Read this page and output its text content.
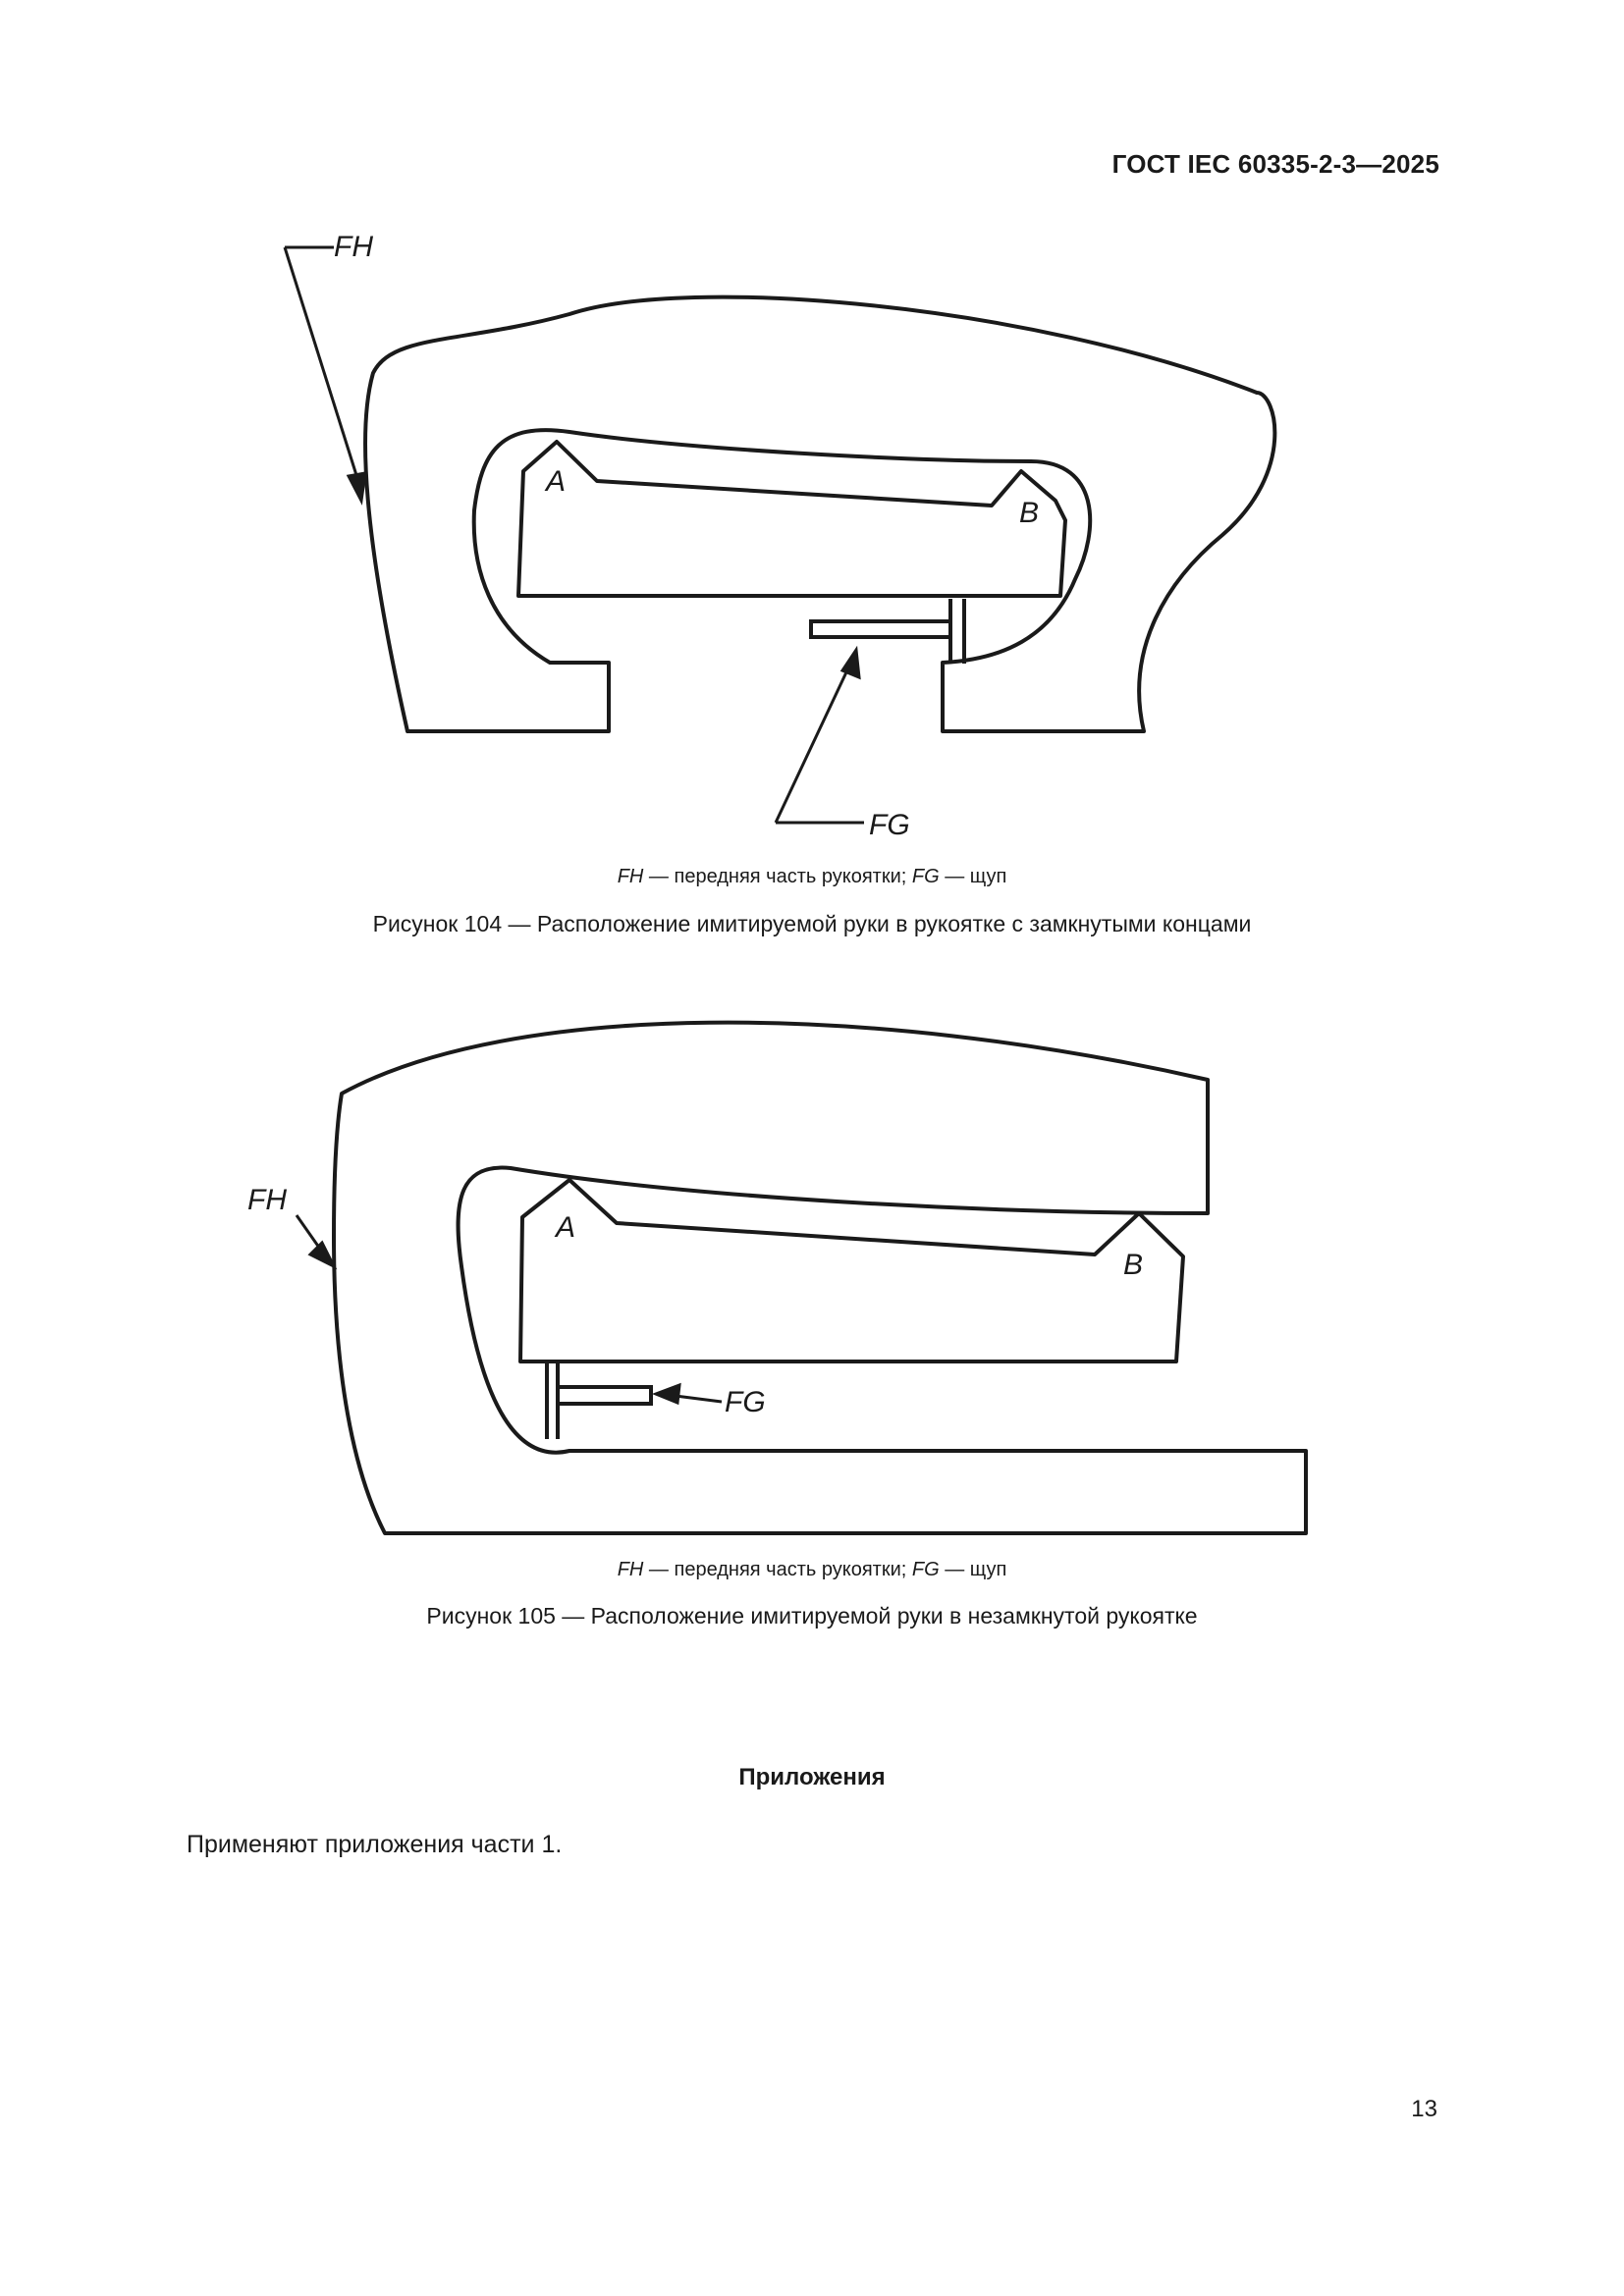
ГОСТ IEC 60335-2-3—2025
FH
FG
A
B
FH — передняя часть рукоятки; FG — щуп
Рисунок 104 — Расположение имитируемой руки в рукоятке с замкнутыми концами
FH
FG
A
B
FH — передняя часть рукоятки; FG — щуп
Рисунок 105 — Расположение имитируемой руки в незамкнутой рукоятке
Приложения
Применяют приложения части 1.
13
